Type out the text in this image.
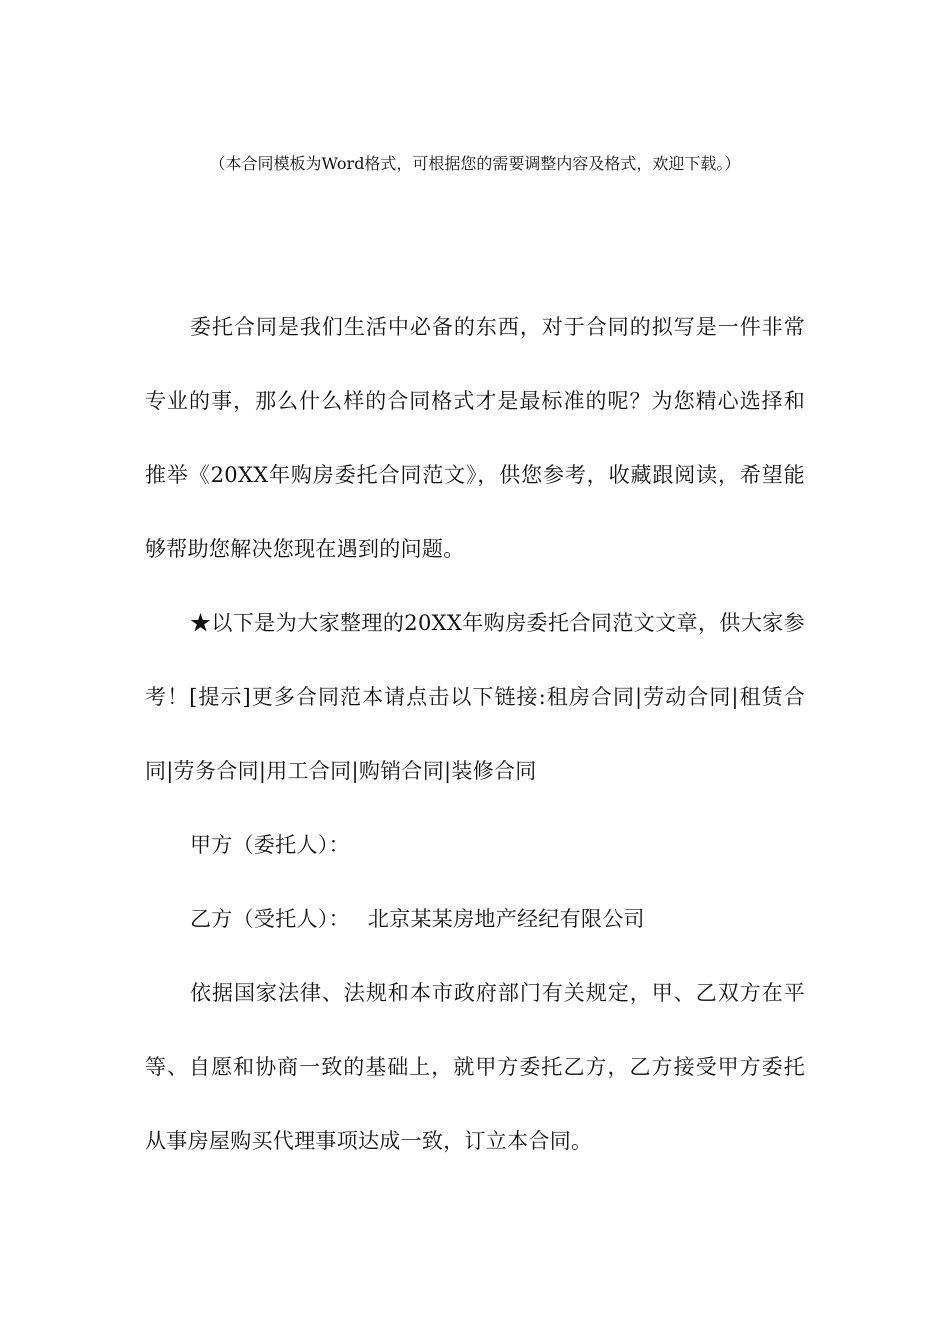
（本合同模板为Word格式，可根据您的需要调整内容及格式，欢迎下载。）

委托合同是我们生活中必备的东西，对于合同的拟写是一件非常专业的事，那么什么样的合同格式才是最标准的呢？为您精心选择和推举《20XX年购房委托合同范文》，供您参考，收藏跟阅读，希望能够帮助您解决您现在遇到的问题。

★以下是为大家整理的20XX年购房委托合同范文文章，供大家参考！[提示]更多合同范本请点击以下链接:租房合同|劳动合同|租赁合同|劳务合同|用工合同|购销合同|装修合同

甲方（委托人）：

乙方（受托人）： 北京某某房地产经纪有限公司

依据国家法律、法规和本市政府部门有关规定，甲、乙双方在平等、自愿和协商一致的基础上，就甲方委托乙方，乙方接受甲方委托从事房屋购买代理事项达成一致，订立本合同。
